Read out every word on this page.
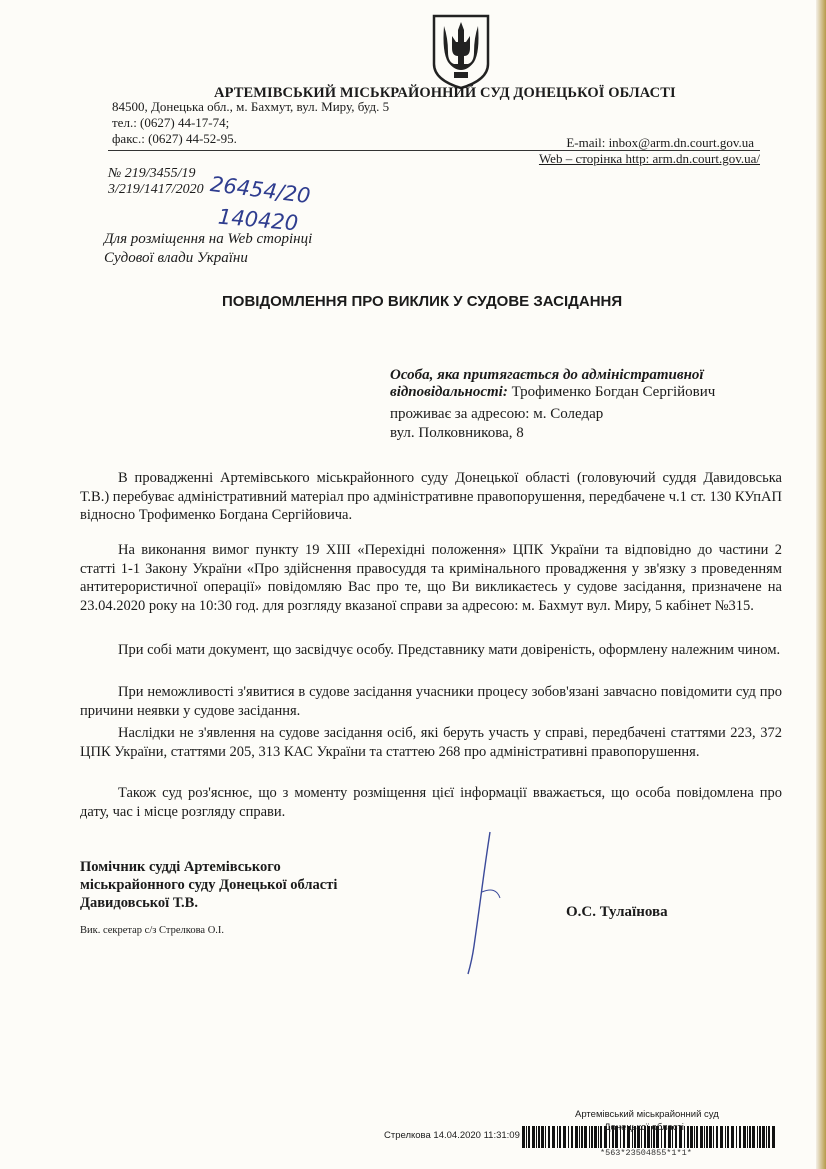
АРТЕМІВСЬКИЙ МІСЬКРАЙОННИЙ СУД ДОНЕЦЬКОЇ ОБЛАСТІ
84500, Донецька обл., м. Бахмут, вул. Миру, буд. 5
тел.: (0627) 44-17-74;
факс.: (0627) 44-52-95.	E-mail: inbox@arm.dn.court.gov.ua
Web – сторінка http: arm.dn.court.gov.ua/
№ 219/3455/19
3/219/1417/2020 26454/20
140420
Для розміщення на Web сторінці
Судової влади України
ПОВІДОМЛЕННЯ ПРО ВИКЛИК У СУДОВЕ ЗАСІДАННЯ
Особа, яка притягається до адміністративної відповідальності: Трофименко Богдан Сергійович
проживає за адресою: м. Соледар
вул. Полковникова, 8

В провадженні Артемівського міськрайонного суду Донецької області (головуючий суддя Давидовська Т.В.) перебуває адміністративний матеріал про адміністративне правопорушення, передбачене ч.1 ст. 130 КУпАП відносно Трофименко Богдана Сергійовича.

На виконання вимог пункту 19 XIII «Перехідні положення» ЦПК України та відповідно до частини 2 статті 1-1 Закону України «Про здійснення правосуддя та кримінального провадження у зв'язку з проведенням антитерористичної операції» повідомляю Вас про те, що Ви викликаєтесь у судове засідання, призначене на 23.04.2020 року на 10:30 год. для розгляду вказаної справи за адресою: м. Бахмут вул. Миру, 5 кабінет №315.

При собі мати документ, що засвідчує особу. Представнику мати довіреність, оформлену належним чином.

При неможливості з'явитися в судове засідання учасники процесу зобов'язані завчасно повідомити суд про причини неявки у судове засідання.

Наслідки не з'явлення на судове засідання осіб, які беруть участь у справі, передбачені статтями 223, 372 ЦПК України, статтями 205, 313 КАС України та статтею 268 про адміністративні правопорушення.

Також суд роз'яснює, що з моменту розміщення цієї інформації вважається, що особа повідомлена про дату, час і місце розгляду справи.

Помічник судді Артемівського
міськрайонного суду Донецької області
Давидовської Т.В.
Вик. секретар с/з Стрелкова О.І.
О.С. Тулаїнова
Артемівський міськрайонний суд
Стрелкова 14.04.2020 11:31:09
Донецької області
*563*23504855*1*1*
